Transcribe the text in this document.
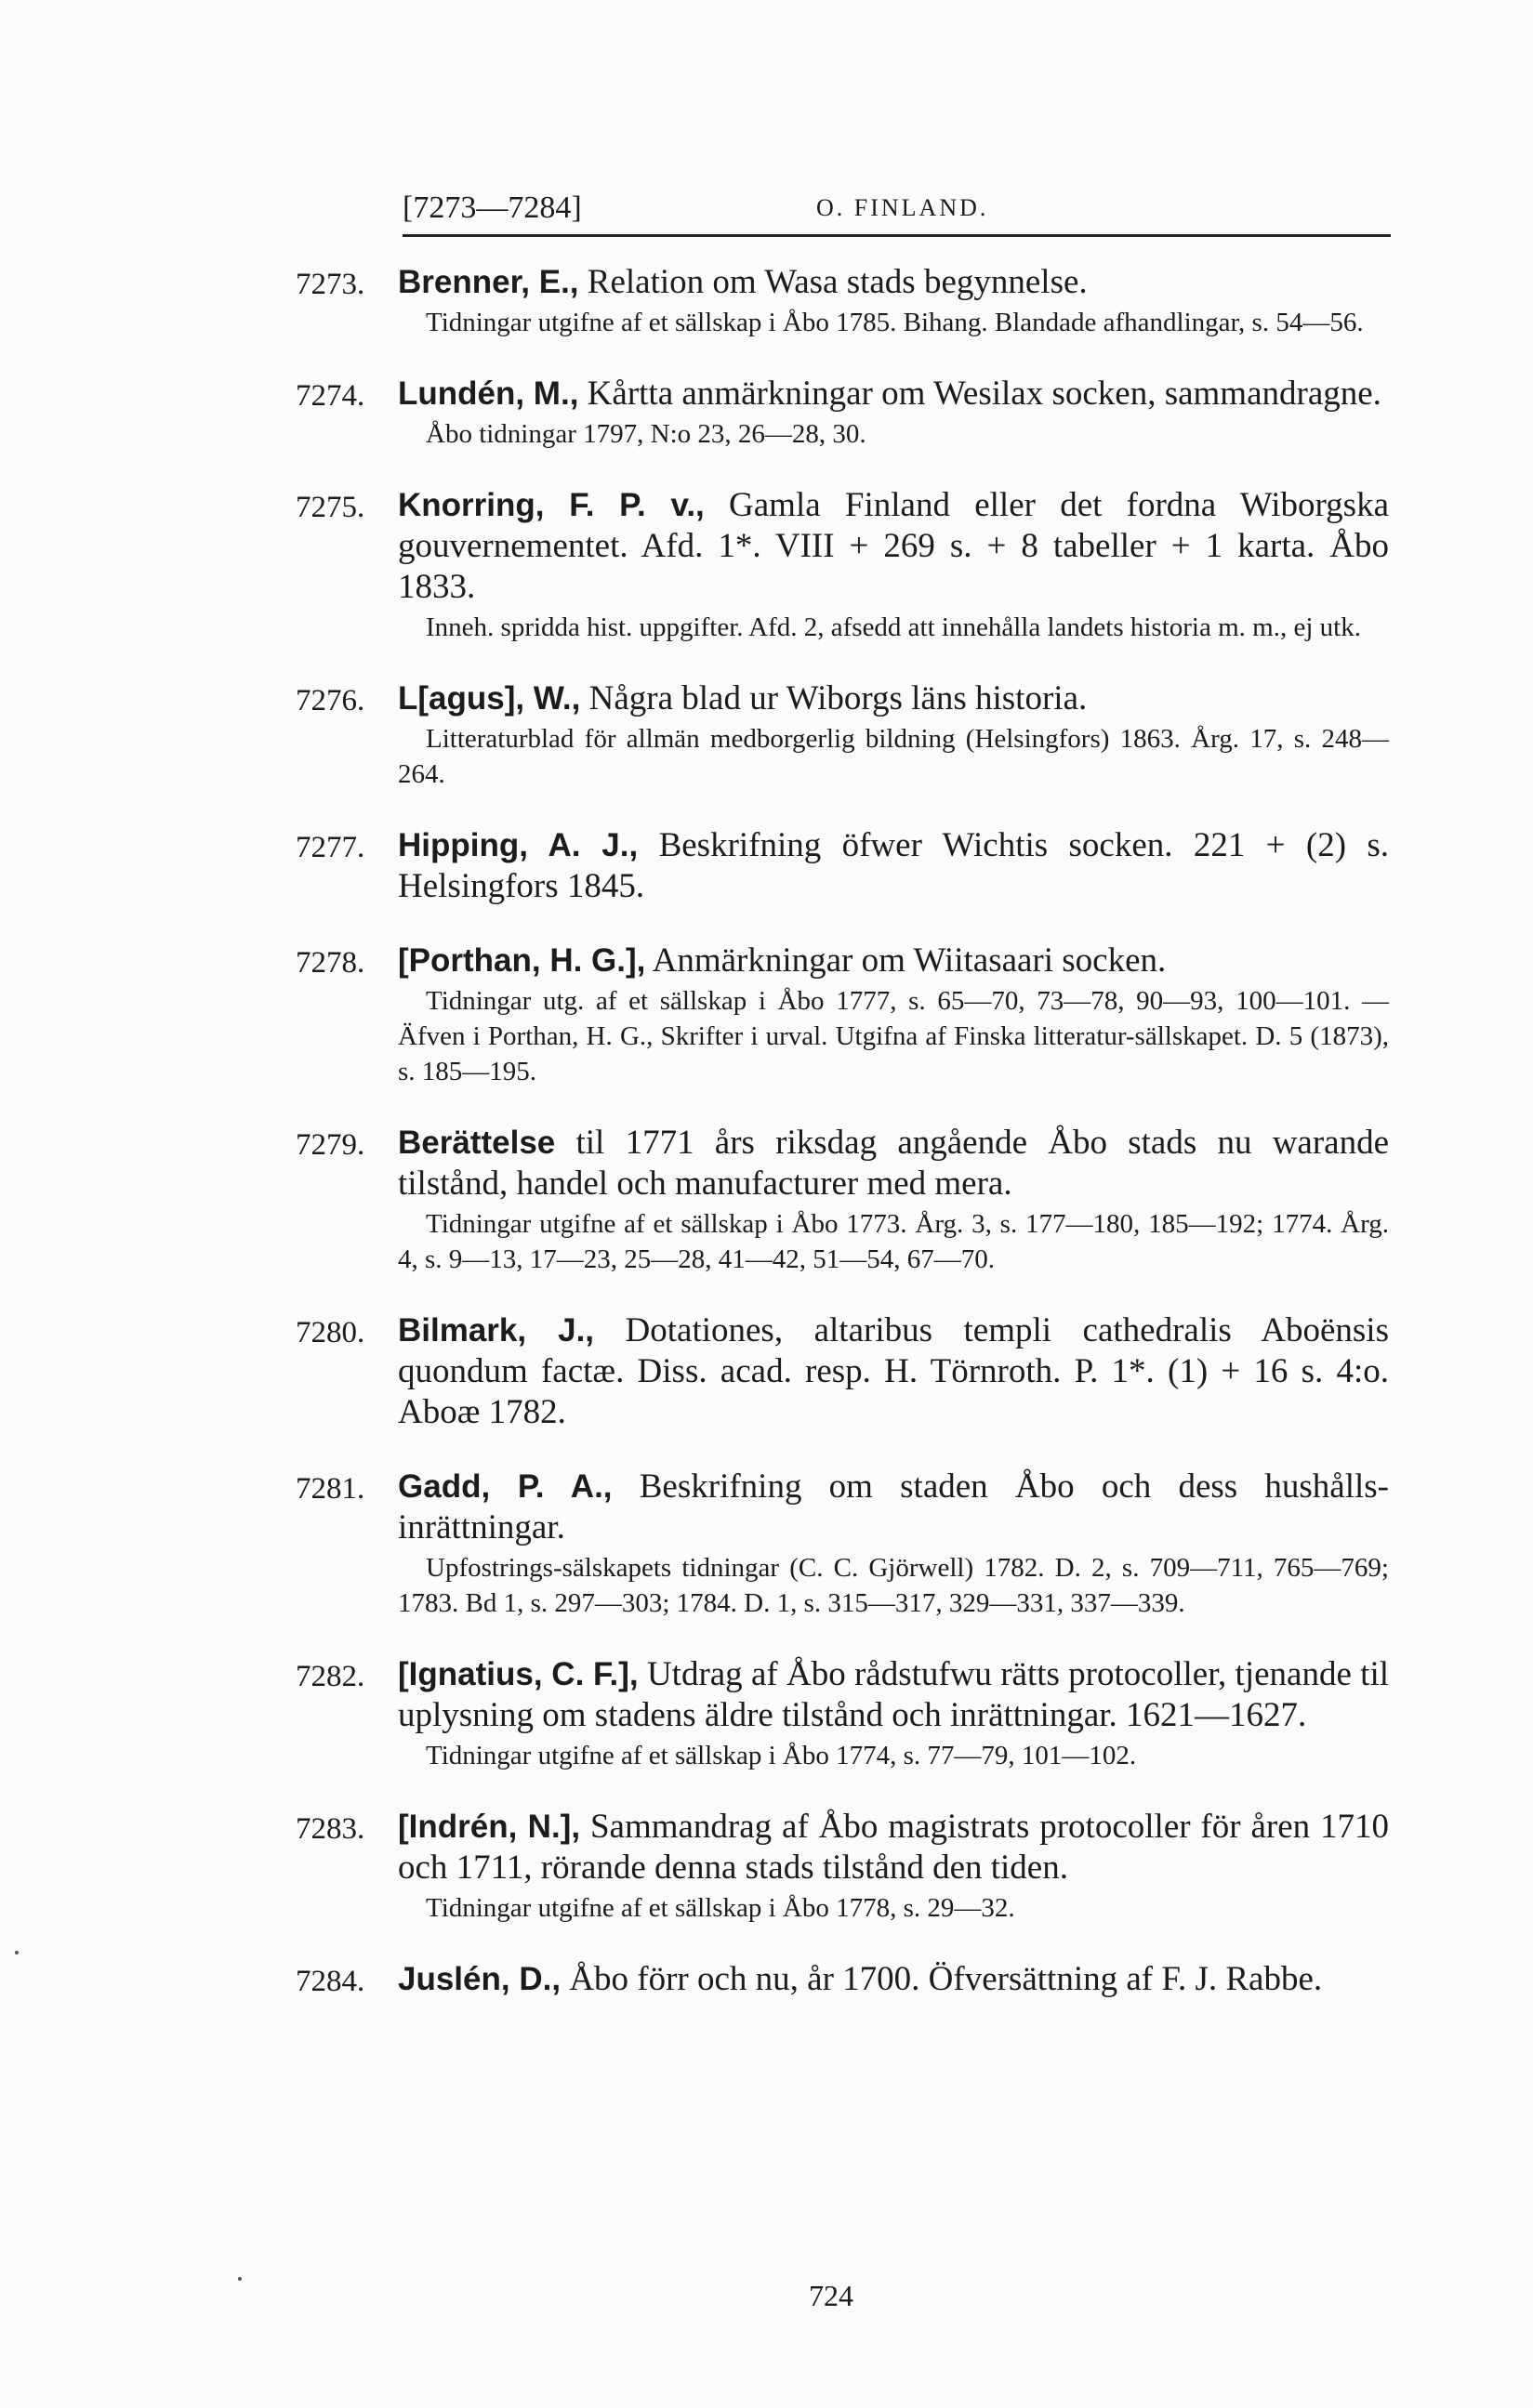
[7273—7284]	O. FINLAND.
7273.	Brenner, E., Relation om Wasa stads begynnelse.
Tidningar utgifne af et sällskap i Åbo 1785. Bihang. Blandade afhandlingar, s. 54—56.
7274.	Lundén, M., Kårtta anmärkningar om Wesilax socken, sammandragne.
Åbo tidningar 1797, N:o 23, 26—28, 30.
7275.	Knorring, F. P. v., Gamla Finland eller det fordna Wiborgska gouvernementet. Afd. 1*. VIII + 269 s. + 8 tabeller + 1 karta. Åbo 1833.
Inneh. spridda hist. uppgifter. Afd. 2, afsedd att innehålla landets historia m. m., ej utk.
7276.	L[agus], W., Några blad ur Wiborgs läns historia.
Litteraturblad för allmän medborgerlig bildning (Helsingfors) 1863. Årg. 17, s. 248—264.
7277.	Hipping, A. J., Beskrifning öfwer Wichtis socken. 221 + (2) s. Helsingfors 1845.
7278.	[Porthan, H. G.], Anmärkningar om Wiitasaari socken.
Tidningar utg. af et sällskap i Åbo 1777, s. 65—70, 73—78, 90—93, 100—101. — Äfven i Porthan, H. G., Skrifter i urval. Utgifna af Finska litteratur-sällskapet. D. 5 (1873), s. 185—195.
7279.	Berättelse til 1771 års riksdag angående Åbo stads nu warande tilstånd, handel och manufacturer med mera.
Tidningar utgifne af et sällskap i Åbo 1773. Årg. 3, s. 177—180, 185—192; 1774. Årg. 4, s. 9—13, 17—23, 25—28, 41—42, 51—54, 67—70.
7280.	Bilmark, J., Dotationes, altaribus templi cathedralis Aboënsis quondum factæ. Diss. acad. resp. H. Törnroth. P. 1*. (1) + 16 s. 4:o. Aboæ 1782.
7281.	Gadd, P. A., Beskrifning om staden Åbo och dess hushålls-inrättningar.
Upfostrings-sälskapets tidningar (C. C. Gjörwell) 1782. D. 2, s. 709—711, 765—769; 1783. Bd 1, s. 297—303; 1784. D. 1, s. 315—317, 329—331, 337—339.
7282.	[Ignatius, C. F.], Utdrag af Åbo rådstufwu rätts protocoller, tjenande til uplysning om stadens äldre tilstånd och inrättningar. 1621—1627.
Tidningar utgifne af et sällskap i Åbo 1774, s. 77—79, 101—102.
7283.	[Indrén, N.], Sammandrag af Åbo magistrats protocoller för åren 1710 och 1711, rörande denna stads tilstånd den tiden.
Tidningar utgifne af et sällskap i Åbo 1778, s. 29—32.
7284.	Juslén, D., Åbo förr och nu, år 1700. Öfversättning af F. J. Rabbe.
724
